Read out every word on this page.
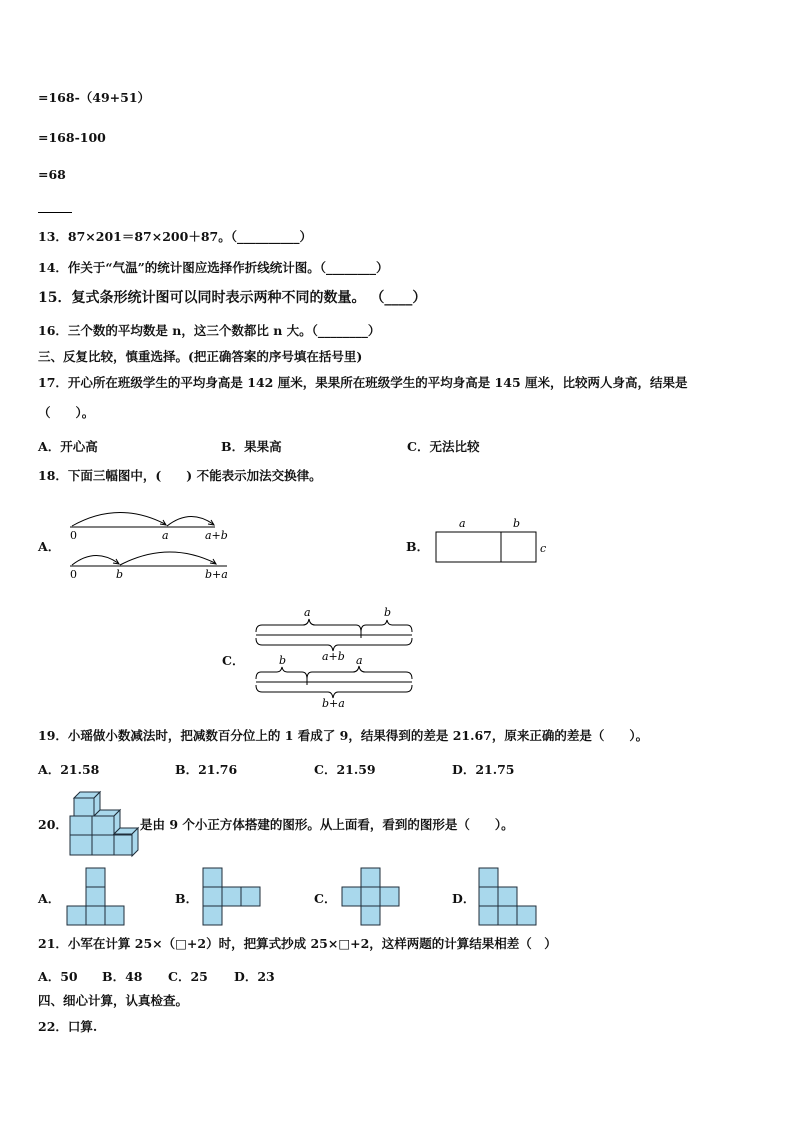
=168-（49+51）
=168-100
=68
13．87×201＝87×200＋87。（__________）
14．作关于“气温”的统计图应选择作折线统计图。（________）
15．复式条形统计图可以同时表示两种不同的数量。 （____）
16．三个数的平均数是 n，这三个数都比 n 大。（________）
三、反复比较，慎重选择。(把正确答案的序号填在括号里)
17．开心所在班级学生的平均身高是 142 厘米，果果所在班级学生的平均身高是 145 厘米，比较两人身高，结果是
（　　）。
A．开心高	B．果果高	C．无法比较
18．下面三幅图中，(　　) 不能表示加法交换律。
A．
0	a	a+b
0	b	b+a
B．
a	b
c
C．
a	b
a+b
b	a
b+a
19．小瑶做小数减法时，把减数百分位上的 1 看成了 9，结果得到的差是 21.67，原来正确的差是（　　）。
A．21.58	B．21.76	C．21.59	D．21.75
20．	是由 9 个小正方体搭建的图形。从上面看，看到的图形是（　　）。
A．	B．	C．	D．
21．小军在计算 25×（□+2）时，把算式抄成 25×□+2，这样两题的计算结果相差（　）
A．50 B．48 C．25 D．23
四、细心计算，认真检查。
22．口算.
